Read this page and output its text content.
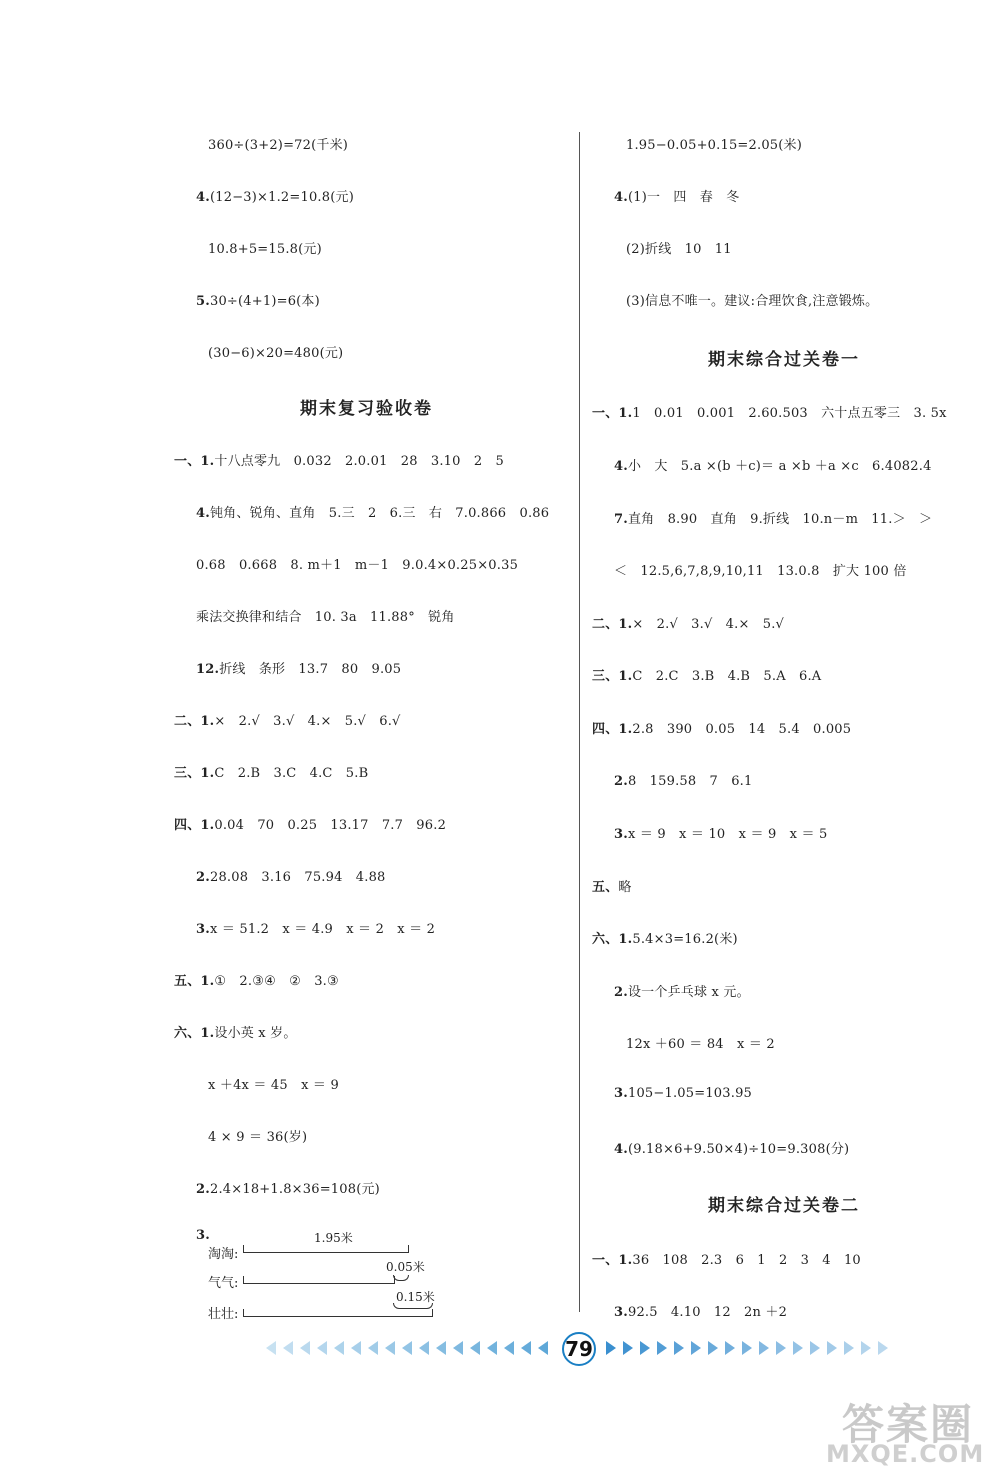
360÷(3+2)=72(千米)
4.(12−3)×1.2=10.8(元)
10.8+5=15.8(元)
5.30÷(4+1)=6(本)
(30−6)×20=480(元)
期末复习验收卷
一、1.十八点零九　0.032　2.0.01　28　3.10　2　5
4.钝角、锐角、直角　5.三　2　6.三　右　7.0.866　0.86
0.68　0.668　8. m＋1　m－1　9.0.4×0.25×0.35
乘法交换律和结合　10. 3a　11.88°　锐角
12.折线　条形　13.7　80　9.05
二、1.×　2.√　3.√　4.×　5.√　6.√
三、1.C　2.B　3.C　4.C　5.B
四、1.0.04　70　0.25　13.17　7.7　96.2
2.28.08　3.16　75.94　4.88
3.x ＝ 51.2　x ＝ 4.9　x ＝ 2　x ＝ 2
五、1.①　2.③④　②　3.③
六、1.设小英 x 岁。
x ＋4x ＝ 45　x ＝ 9
4 × 9 ＝ 36(岁)
2.2.4×18+1.8×36=108(元)
3.
淘淘:
1.95米
气气:
0.05米
壮壮:
0.15米
1.95−0.05+0.15=2.05(米)
4.(1)一　四　春　冬
(2)折线　10　11
(3)信息不唯一。建议:合理饮食,注意锻炼。
期末综合过关卷一
一、1.1　0.01　0.001　2.60.503　六十点五零三　3. 5x
4.小　大　5.a ×(b ＋c)＝ a ×b ＋a ×c　6.4082.4
7.直角　8.90　直角　9.折线　10.n－m　11.＞　＞
＜　12.5,6,7,8,9,10,11　13.0.8　扩大 100 倍
二、1.×　2.√　3.√　4.×　5.√
三、1.C　2.C　3.B　4.B　5.A　6.A
四、1.2.8　390　0.05　14　5.4　0.005
2.8　159.58　7　6.1
3.x ＝ 9　x ＝ 10　x ＝ 9　x ＝ 5
五、略
六、1.5.4×3=16.2(米)
2.设一个乒乓球 x 元。
12x ＋60 ＝ 84　x ＝ 2
3.105−1.05=103.95
4.(9.18×6+9.50×4)÷10=9.308(分)
期末综合过关卷二
一、1.36　108　2.3　6　1　2　3　4　10
3.92.5　4.10　12　2n ＋2
79
答案圈
MXQE.COM
